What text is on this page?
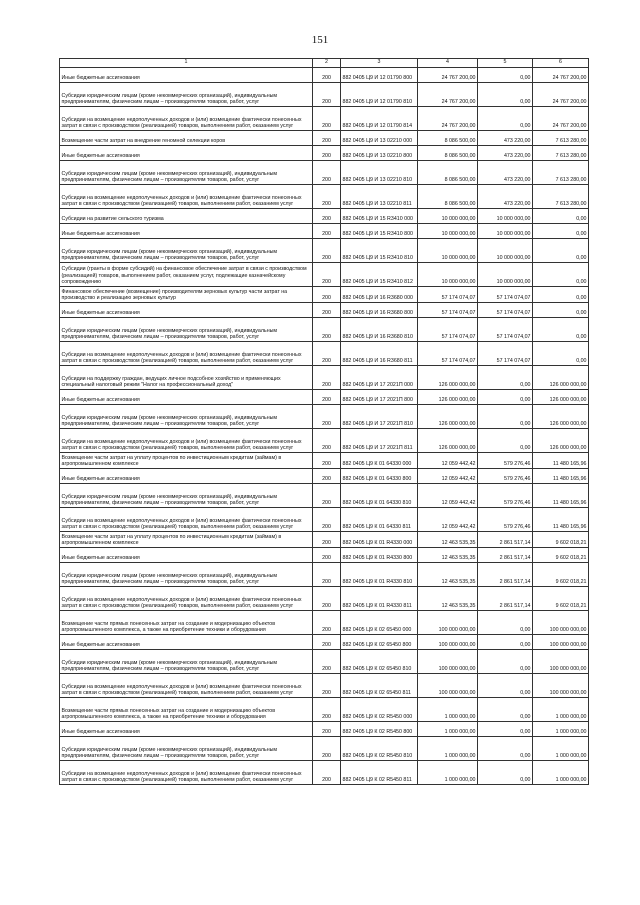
151
1	2	3	4	5	6
Иные бюджетные ассигнования	200	882 0405 Ц9 И 12 01790 800	24 767 200,00	0,00	24 767 200,00
Субсидии юридическим лицам (кроме некоммерческих организаций), индивидуальным предпринимателям, физическим лицам – производителям товаров, работ, услуг	200	882 0405 Ц9 И 12 01790 810	24 767 200,00	0,00	24 767 200,00
Субсидии на возмещение недополученных доходов и (или) возмещение фактически понесенных затрат в связи с производством (реализацией) товаров, выполнением работ, оказанием услуг	200	882 0405 Ц9 И 12 01790 814	24 767 200,00	0,00	24 767 200,00
Возмещение части затрат на внедрение геномной селекции коров	200	882 0405 Ц9 И 13 02210 000	8 086 500,00	473 220,00	7 613 280,00
Иные бюджетные ассигнования	200	882 0405 Ц9 И 13 02210 800	8 086 500,00	473 220,00	7 613 280,00
Субсидии юридическим лицам (кроме некоммерческих организаций), индивидуальным предпринимателям, физическим лицам – производителям товаров, работ, услуг	200	882 0405 Ц9 И 13 02210 810	8 086 500,00	473 220,00	7 613 280,00
Субсидии на возмещение недополученных доходов и (или) возмещение фактически понесенных затрат в связи с производством (реализацией) товаров, выполнением работ, оказанием услуг	200	882 0405 Ц9 И 13 02210 811	8 086 500,00	473 220,00	7 613 280,00
Субсидии на развитие сельского туризма	200	882 0405 Ц9 И 15 R3410 000	10 000 000,00	10 000 000,00	0,00
Иные бюджетные ассигнования	200	882 0405 Ц9 И 15 R3410 800	10 000 000,00	10 000 000,00	0,00
Субсидии юридическим лицам (кроме некоммерческих организаций), индивидуальным предпринимателям, физическим лицам – производителям товаров, работ, услуг	200	882 0405 Ц9 И 15 R3410 810	10 000 000,00	10 000 000,00	0,00
Субсидии (гранты в форме субсидий) на финансовое обеспечение затрат в связи с производством (реализацией) товаров, выполнением работ, оказанием услуг, подлежащие казначейскому сопровождению	200	882 0405 Ц9 И 15 R3410 812	10 000 000,00	10 000 000,00	0,00
Финансовое обеспечение (возмещение) производителям зерновых культур части затрат на производство и реализацию зерновых культур	200	882 0405 Ц9 И 16 R3680 000	57 174 074,07	57 174 074,07	0,00
Иные бюджетные ассигнования	200	882 0405 Ц9 И 16 R3680 800	57 174 074,07	57 174 074,07	0,00
Субсидии юридическим лицам (кроме некоммерческих организаций), индивидуальным предпринимателям, физическим лицам – производителям товаров, работ, услуг	200	882 0405 Ц9 И 16 R3680 810	57 174 074,07	57 174 074,07	0,00
Субсидии на возмещение недополученных доходов и (или) возмещение фактически понесенных затрат в связи с производством (реализацией) товаров, выполнением работ, оказанием услуг	200	882 0405 Ц9 И 16 R3680 811	57 174 074,07	57 174 074,07	0,00
Субсидии на поддержку граждан, ведущих личное подсобное хозяйство и применяющих специальный налоговый режим "Налог на профессиональный доход"	200	882 0405 Ц9 И 17 2021П 000	126 000 000,00	0,00	126 000 000,00
Иные бюджетные ассигнования	200	882 0405 Ц9 И 17 2021П 800	126 000 000,00	0,00	126 000 000,00
Субсидии юридическим лицам (кроме некоммерческих организаций), индивидуальным предпринимателям, физическим лицам – производителям товаров, работ, услуг	200	882 0405 Ц9 И 17 2021П 810	126 000 000,00	0,00	126 000 000,00
Субсидии на возмещение недополученных доходов и (или) возмещение фактически понесенных затрат в связи с производством (реализацией) товаров, выполнением работ, оказанием услуг	200	882 0405 Ц9 И 17 2021П 811	126 000 000,00	0,00	126 000 000,00
Возмещение части затрат на уплату процентов по инвестиционным кредитам (займам) в агропромышленном комплексе	200	882 0405 Ц9 К 01 64330 000	12 059 442,42	579 276,46	11 480 165,96
Иные бюджетные ассигнования	200	882 0405 Ц9 К 01 64330 800	12 059 442,42	579 276,46	11 480 165,96
Субсидии юридическим лицам (кроме некоммерческих организаций), индивидуальным предпринимателям, физическим лицам – производителям товаров, работ, услуг	200	882 0405 Ц9 К 01 64330 810	12 059 442,42	579 276,46	11 480 165,96
Субсидии на возмещение недополученных доходов и (или) возмещение фактически понесенных затрат в связи с производством (реализацией) товаров, выполнением работ, оказанием услуг	200	882 0405 Ц9 К 01 64330 811	12 059 442,42	579 276,46	11 480 165,96
Возмещение части затрат на уплату процентов по инвестиционным кредитам (займам) в агропромышленном комплексе	200	882 0405 Ц9 К 01 R4330 000	12 463 535,35	2 861 517,14	9 602 018,21
Иные бюджетные ассигнования	200	882 0405 Ц9 К 01 R4330 800	12 463 535,35	2 861 517,14	9 602 018,21
Субсидии юридическим лицам (кроме некоммерческих организаций), индивидуальным предпринимателям, физическим лицам – производителям товаров, работ, услуг	200	882 0405 Ц9 К 01 R4330 810	12 463 535,35	2 861 517,14	9 602 018,21
Субсидии на возмещение недополученных доходов и (или) возмещение фактически понесенных затрат в связи с производством (реализацией) товаров, выполнением работ, оказанием услуг	200	882 0405 Ц9 К 01 R4330 811	12 463 535,35	2 861 517,14	9 602 018,21
Возмещение части прямых понесенных затрат на создание и модернизацию объектов агропромышленного комплекса, а также на приобретение техники и оборудования	200	882 0405 Ц9 К 02 65450 000	100 000 000,00	0,00	100 000 000,00
Иные бюджетные ассигнования	200	882 0405 Ц9 К 02 65450 800	100 000 000,00	0,00	100 000 000,00
Субсидии юридическим лицам (кроме некоммерческих организаций), индивидуальным предпринимателям, физическим лицам – производителям товаров, работ, услуг	200	882 0405 Ц9 К 02 65450 810	100 000 000,00	0,00	100 000 000,00
Субсидии на возмещение недополученных доходов и (или) возмещение фактически понесенных затрат в связи с производством (реализацией) товаров, выполнением работ, оказанием услуг	200	882 0405 Ц9 К 02 65450 811	100 000 000,00	0,00	100 000 000,00
Возмещение части прямых понесенных затрат на создание и модернизацию объектов агропромышленного комплекса, а также на приобретение техники и оборудования	200	882 0405 Ц9 К 02 R5450 000	1 000 000,00	0,00	1 000 000,00
Иные бюджетные ассигнования	200	882 0405 Ц9 К 02 R5450 800	1 000 000,00	0,00	1 000 000,00
Субсидии юридическим лицам (кроме некоммерческих организаций), индивидуальным предпринимателям, физическим лицам – производителям товаров, работ, услуг	200	882 0405 Ц9 К 02 R5450 810	1 000 000,00	0,00	1 000 000,00
Субсидии на возмещение недополученных доходов и (или) возмещение фактически понесенных затрат в связи с производством (реализацией) товаров, выполнением работ, оказанием услуг	200	882 0405 Ц9 К 02 R5450 811	1 000 000,00	0,00	1 000 000,00
